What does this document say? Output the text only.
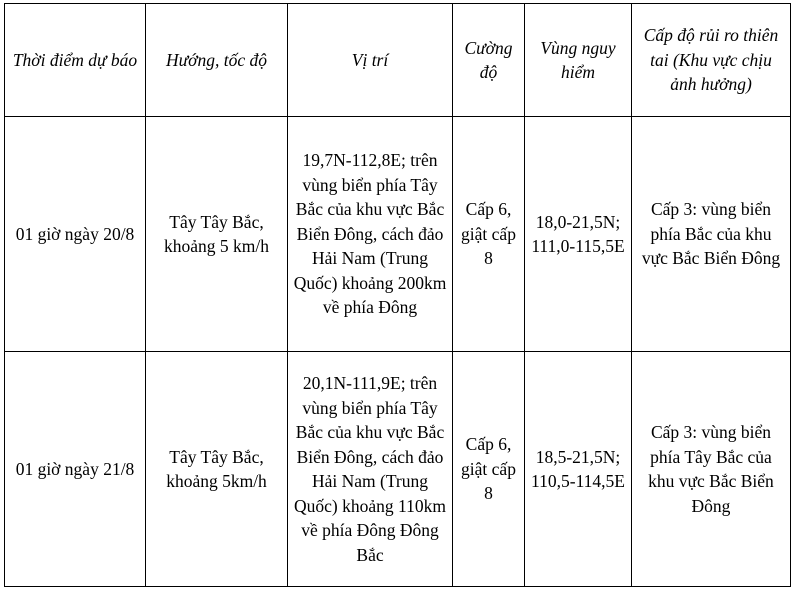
Thời điểm dự báo	Hướng, tốc độ	Vị trí	Cường độ	Vùng nguy hiểm	Cấp độ rủi ro thiên tai (Khu vực chịu ảnh hưởng)

01 giờ ngày 20/8	Tây Tây Bắc, khoảng 5 km/h	19,7N-112,8E; trên vùng biển phía Tây Bắc của khu vực Bắc Biển Đông, cách đảo Hải Nam (Trung Quốc) khoảng 200km về phía Đông	Cấp 6, giật cấp 8	18,0-21,5N; 111,0-115,5E	Cấp 3: vùng biển phía Bắc của khu vực Bắc Biển Đông

01 giờ ngày 21/8	Tây Tây Bắc, khoảng 5km/h	20,1N-111,9E; trên vùng biển phía Tây Bắc của khu vực Bắc Biển Đông, cách đảo Hải Nam (Trung Quốc) khoảng 110km về phía Đông Đông Bắc	Cấp 6, giật cấp 8	18,5-21,5N; 110,5-114,5E	Cấp 3: vùng biển phía Tây Bắc của khu vực Bắc Biển Đông
